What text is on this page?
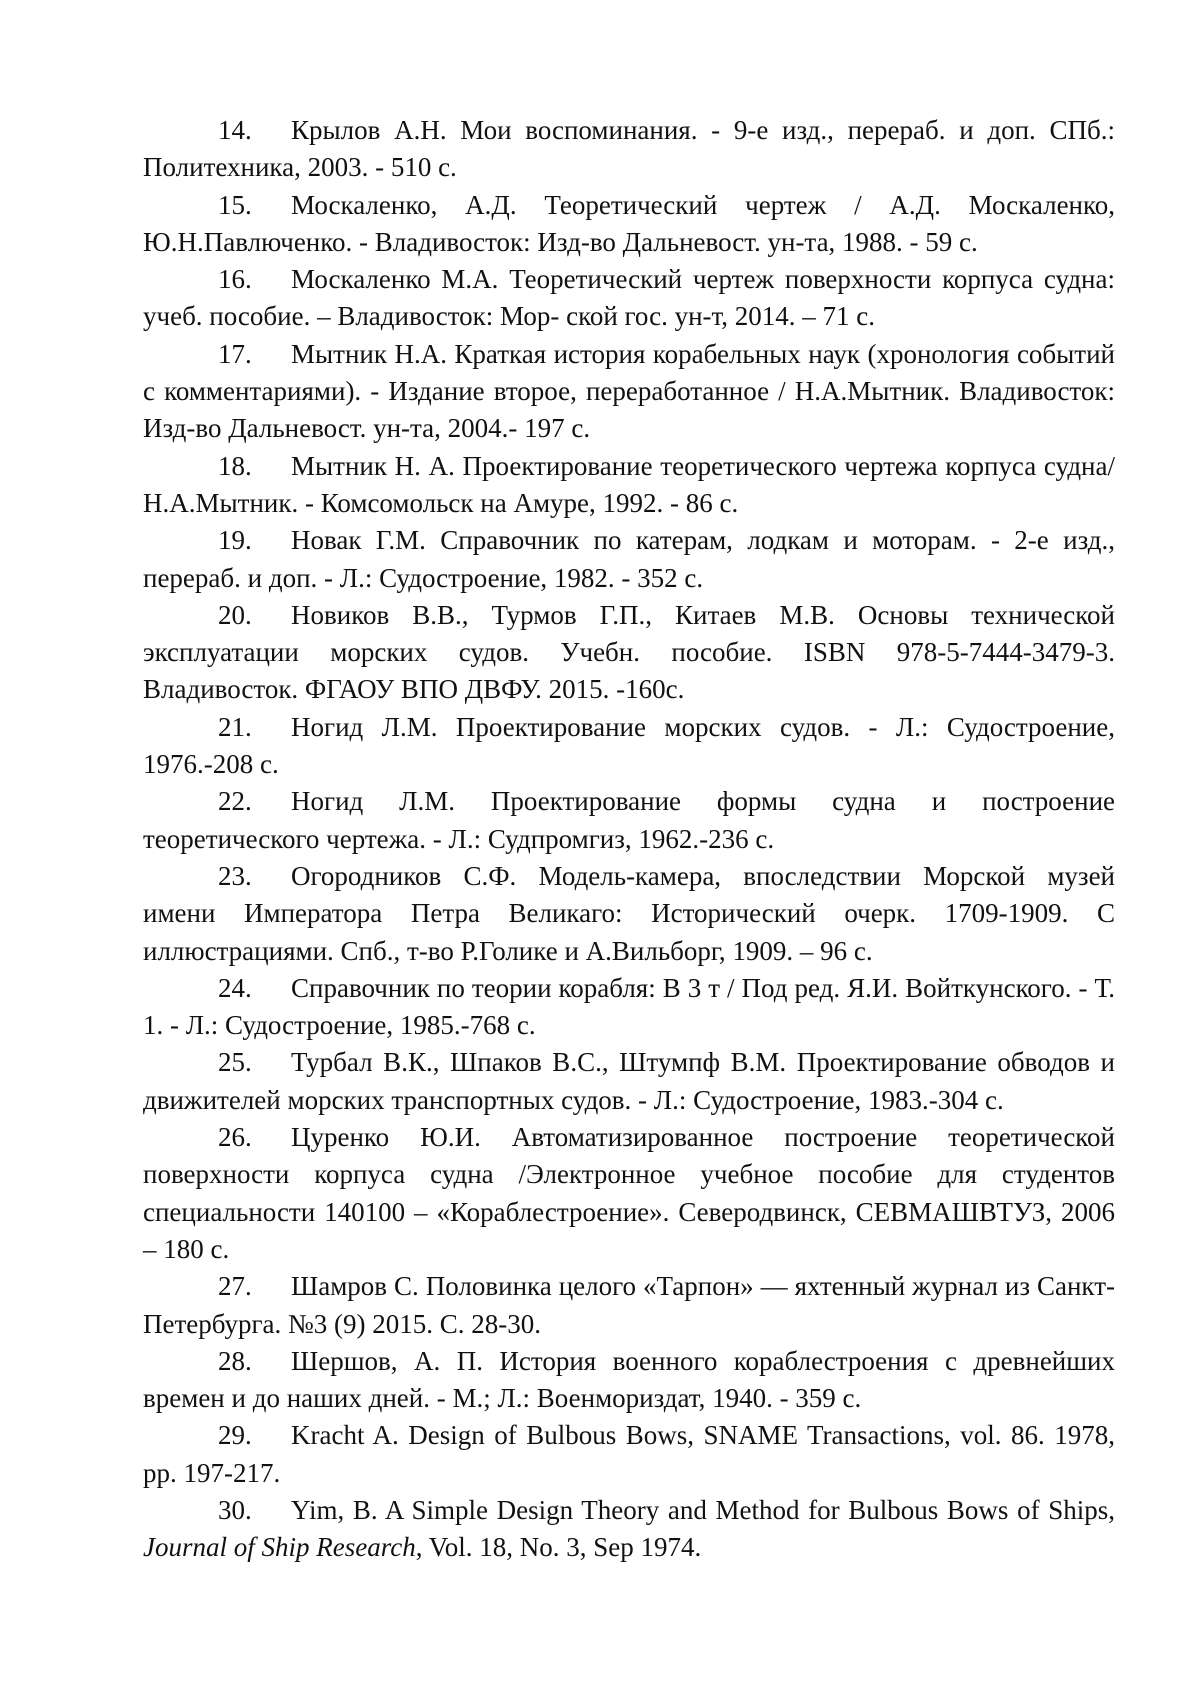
14. Крылов А.Н. Мои воспоминания. - 9-е изд., перераб. и доп. СПб.: Политехника, 2003. - 510 с.

15. Москаленко, А.Д. Теоретический чертеж / А.Д. Москаленко, Ю.Н.Павлюченко. - Владивосток: Изд-во Дальневост. ун-та, 1988. - 59 с.

16. Москаленко М.А. Теоретический чертеж поверхности корпуса судна: учеб. пособие. – Владивосток: Мор- ской гос. ун-т, 2014. – 71 с.

17. Мытник Н.А. Краткая история корабельных наук (хронология событий с комментариями). - Издание второе, переработанное / Н.А.Мытник. Владивосток: Изд-во Дальневост. ун-та, 2004.- 197 с.

18. Мытник Н. А. Проектирование теоретического чертежа корпуса судна/ Н.А.Мытник. - Комсомольск на Амуре, 1992. - 86 с.

19. Новак Г.М. Справочник по катерам, лодкам и моторам. - 2-е изд., перераб. и доп. - Л.: Судостроение, 1982. - 352 с.

20. Новиков В.В., Турмов Г.П., Китаев М.В. Основы технической эксплуатации морских судов. Учебн. пособие. ISBN 978-5-7444-3479-3. Владивосток. ФГАОУ ВПО ДВФУ. 2015. -160с.

21. Ногид Л.М. Проектирование морских судов. - Л.: Судостроение, 1976.-208 с.

22. Ногид Л.М. Проектирование формы судна и построение теоретического чертежа. - Л.: Судпромгиз, 1962.-236 с.

23. Огородников С.Ф. Модель-камера, впоследствии Морской музей имени Императора Петра Великаго: Исторический очерк. 1709-1909. С иллюстрациями. Спб., т-во Р.Голике и А.Вильборг, 1909. – 96 с.

24. Справочник по теории корабля: В 3 т / Под ред. Я.И. Войткунского. - Т. 1. - Л.: Судостроение, 1985.-768 с.

25. Турбал В.К., Шпаков В.С., Штумпф В.М. Проектирование обводов и движителей морских транспортных судов. - Л.: Судостроение, 1983.-304 с.

26. Цуренко Ю.И. Автоматизированное построение теоретической поверхности корпуса судна /Электронное учебное пособие для студентов специальности 140100 – «Кораблестроение». Северодвинск, СЕВМАШВТУЗ, 2006 – 180 с.

27. Шамров С. Половинка целого «Тарпон» — яхтенный журнал из Санкт-Петербурга. №3 (9) 2015. С. 28-30.

28. Шершов, А. П. История военного кораблестроения с древнейших времен и до наших дней. - М.; Л.: Военмориздат, 1940. - 359 с.

29. Kracht A. Design of Bulbous Bows, SNAME Transactions, vol. 86. 1978, pp. 197-217.

30. Yim, B. A Simple Design Theory and Method for Bulbous Bows of Ships, Journal of Ship Research, Vol. 18, No. 3, Sep 1974.
